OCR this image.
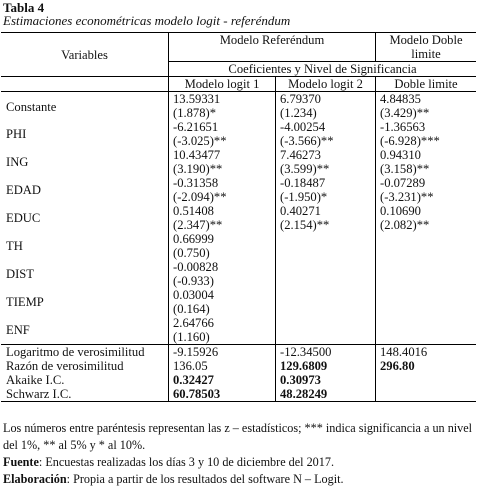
Tabla 4
Estimaciones econométricas modelo logit - referéndum
Variables	Modelo Referéndum		Modelo Doble limite
	Coeficientes y Nivel de Significancia		
	Modelo logit 1	Modelo logit 2	Doble limite
Constante	13.59331	6.79370	4.84835
	(1.878)*	(1.234)	(3.429)**
PHI	-6.21651	-4.00254	-1.36563
	(-3.025)**	(-3.566)**	(-6.928)***
ING	10.43477	7.46273	0.94310
	(3.190)**	(3.599)**	(3.158)**
EDAD	-0.31358	-0.18487	-0.07289
	(-2.094)**	(-1.950)*	(-3.231)**
EDUC	0.51408	0.40271	0.10690
	(2.347)**	(2.154)**	(2.082)**
TH	0.66999		
	(0.750)		
DIST	-0.00828		
	(-0.933)		
TIEMP	0.03004		
	(0.164)		
ENF	2.64766		
	(1.160)		
Logaritmo de verosimilitud	-9.15926	-12.34500	148.4016
Razón de verosimilitud	136.05	129.6809	296.80
Akaike I.C.	0.32427	0.30973	
Schwarz I.C.	60.78503	48.28249	

Los números entre paréntesis representan las z – estadísticos; *** indica significancia a un nivel del 1%, ** al 5% y * al 10%.

Fuente: Encuestas realizadas los días 3 y 10 de diciembre del 2017.

Elaboración: Propia a partir de los resultados del software N – Logit.
